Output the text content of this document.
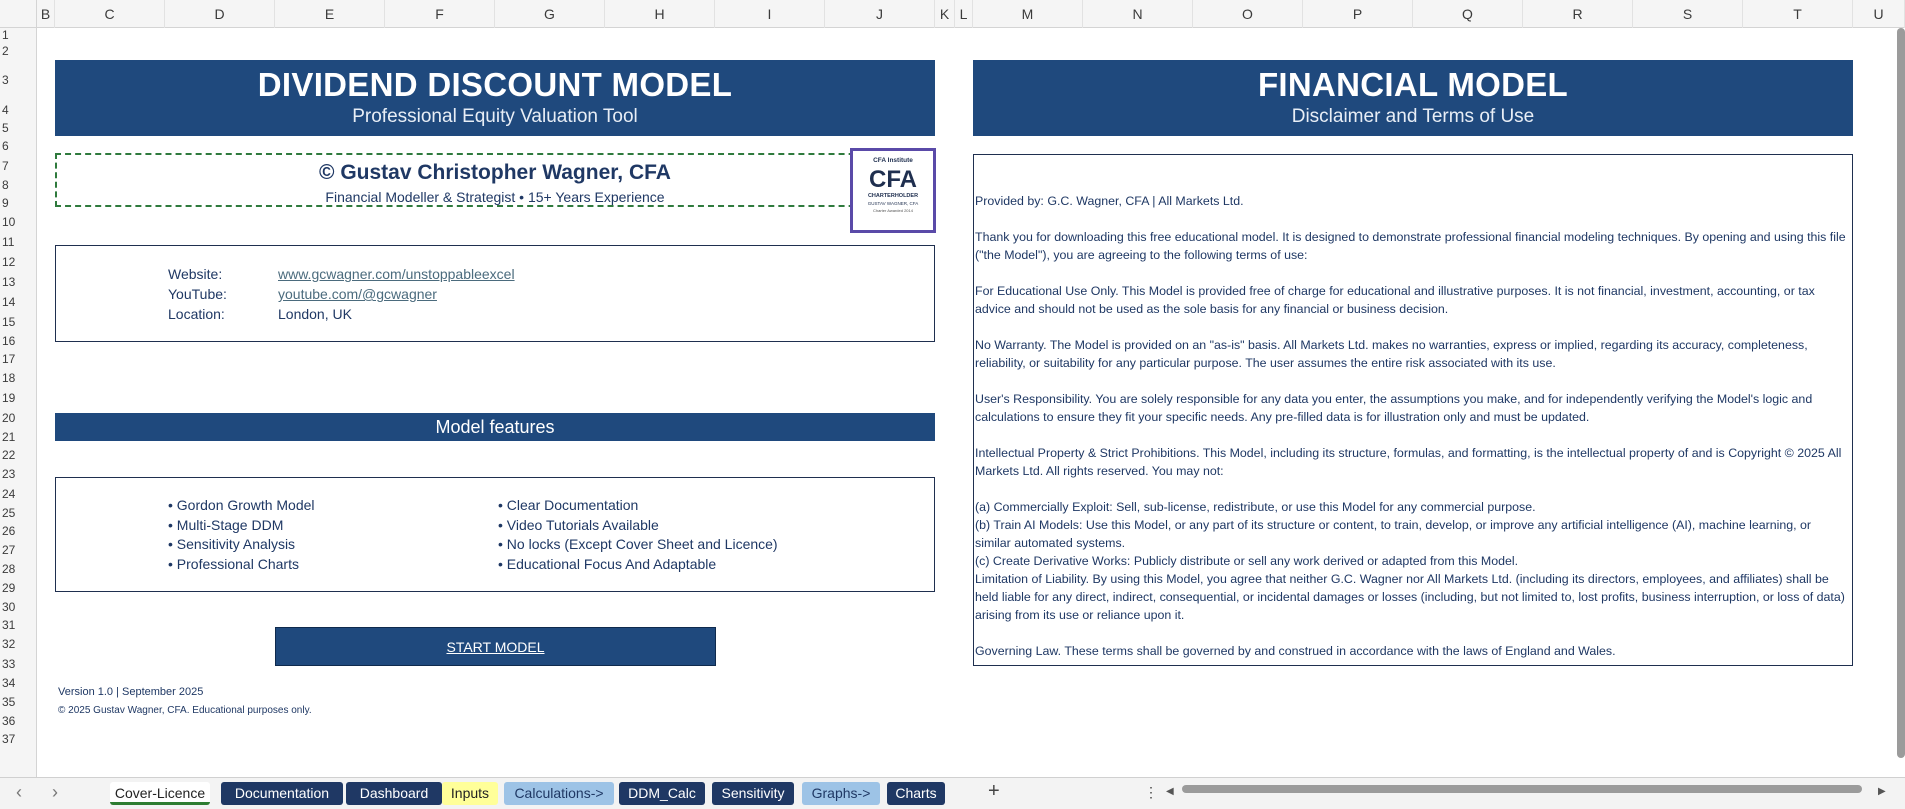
B	C	D	E	F	G	H	I	J	K L	M	N	O	P	Q	R	S	T	U
1
2
3
4
5
6
7
8
9
10
11
12
13
14
15
16
17
18
19
20
21
22
23
24
25
26
27
28
29
30
31
32
33
34
35
36
37
DIVIDEND DISCOUNT MODEL
Professional Equity Valuation Tool
© Gustav Christopher Wagner, CFA
Financial Modeller & Strategist • 15+ Years Experience
CFA Institute
CFA
CHARTERHOLDER
GUSTAV WAGNER, CFA
Charter Awarded 2014
Website:	www.gcwagner.com/unstoppableexcel
YouTube:	youtube.com/@gcwagner
Location:	London, UK
Model features
• Gordon Growth Model
• Multi-Stage DDM
• Sensitivity Analysis
• Professional Charts
• Clear Documentation
• Video Tutorials Available
• No locks (Except Cover Sheet and Licence)
• Educational Focus And Adaptable
START MODEL
Version 1.0 | September 2025
© 2025 Gustav Wagner, CFA. Educational purposes only.
FINANCIAL MODEL
Disclaimer and Terms of Use
Provided by: G.C. Wagner, CFA | All Markets Ltd.
Thank you for downloading this free educational model. It is designed to demonstrate professional financial modeling techniques. By opening and using this file ("the Model"), you are agreeing to the following terms of use:
For Educational Use Only. This Model is provided free of charge for educational and illustrative purposes. It is not financial, investment, accounting, or tax advice and should not be used as the sole basis for any financial or business decision.
No Warranty. The Model is provided on an "as-is" basis. All Markets Ltd. makes no warranties, express or implied, regarding its accuracy, completeness, reliability, or suitability for any particular purpose. The user assumes the entire risk associated with its use.
User's Responsibility. You are solely responsible for any data you enter, the assumptions you make, and for independently verifying the Model's logic and calculations to ensure they fit your specific needs. Any pre-filled data is for illustration only and must be updated.
Intellectual Property & Strict Prohibitions. This Model, including its structure, formulas, and formatting, is the intellectual property of and is Copyright © 2025 All Markets Ltd. All rights reserved. You may not:
(a) Commercially Exploit: Sell, sub-license, redistribute, or use this Model for any commercial purpose.
(b) Train AI Models: Use this Model, or any part of its structure or content, to train, develop, or improve any artificial intelligence (AI), machine learning, or similar automated systems.
(c) Create Derivative Works: Publicly distribute or sell any work derived or adapted from this Model.
Limitation of Liability. By using this Model, you agree that neither G.C. Wagner nor All Markets Ltd. (including its directors, employees, and affiliates) shall be held liable for any direct, indirect, consequential, or incidental damages or losses (including, but not limited to, lost profits, business interruption, or loss of data) arising from its use or reliance upon it.
Governing Law. These terms shall be governed by and construed in accordance with the laws of England and Wales.
‹ ›	Cover-Licence	Documentation	Dashboard	Inputs	Calculations->	DDM_Calc	Sensitivity	Graphs->	Charts	+	⋮ ◀	▶
